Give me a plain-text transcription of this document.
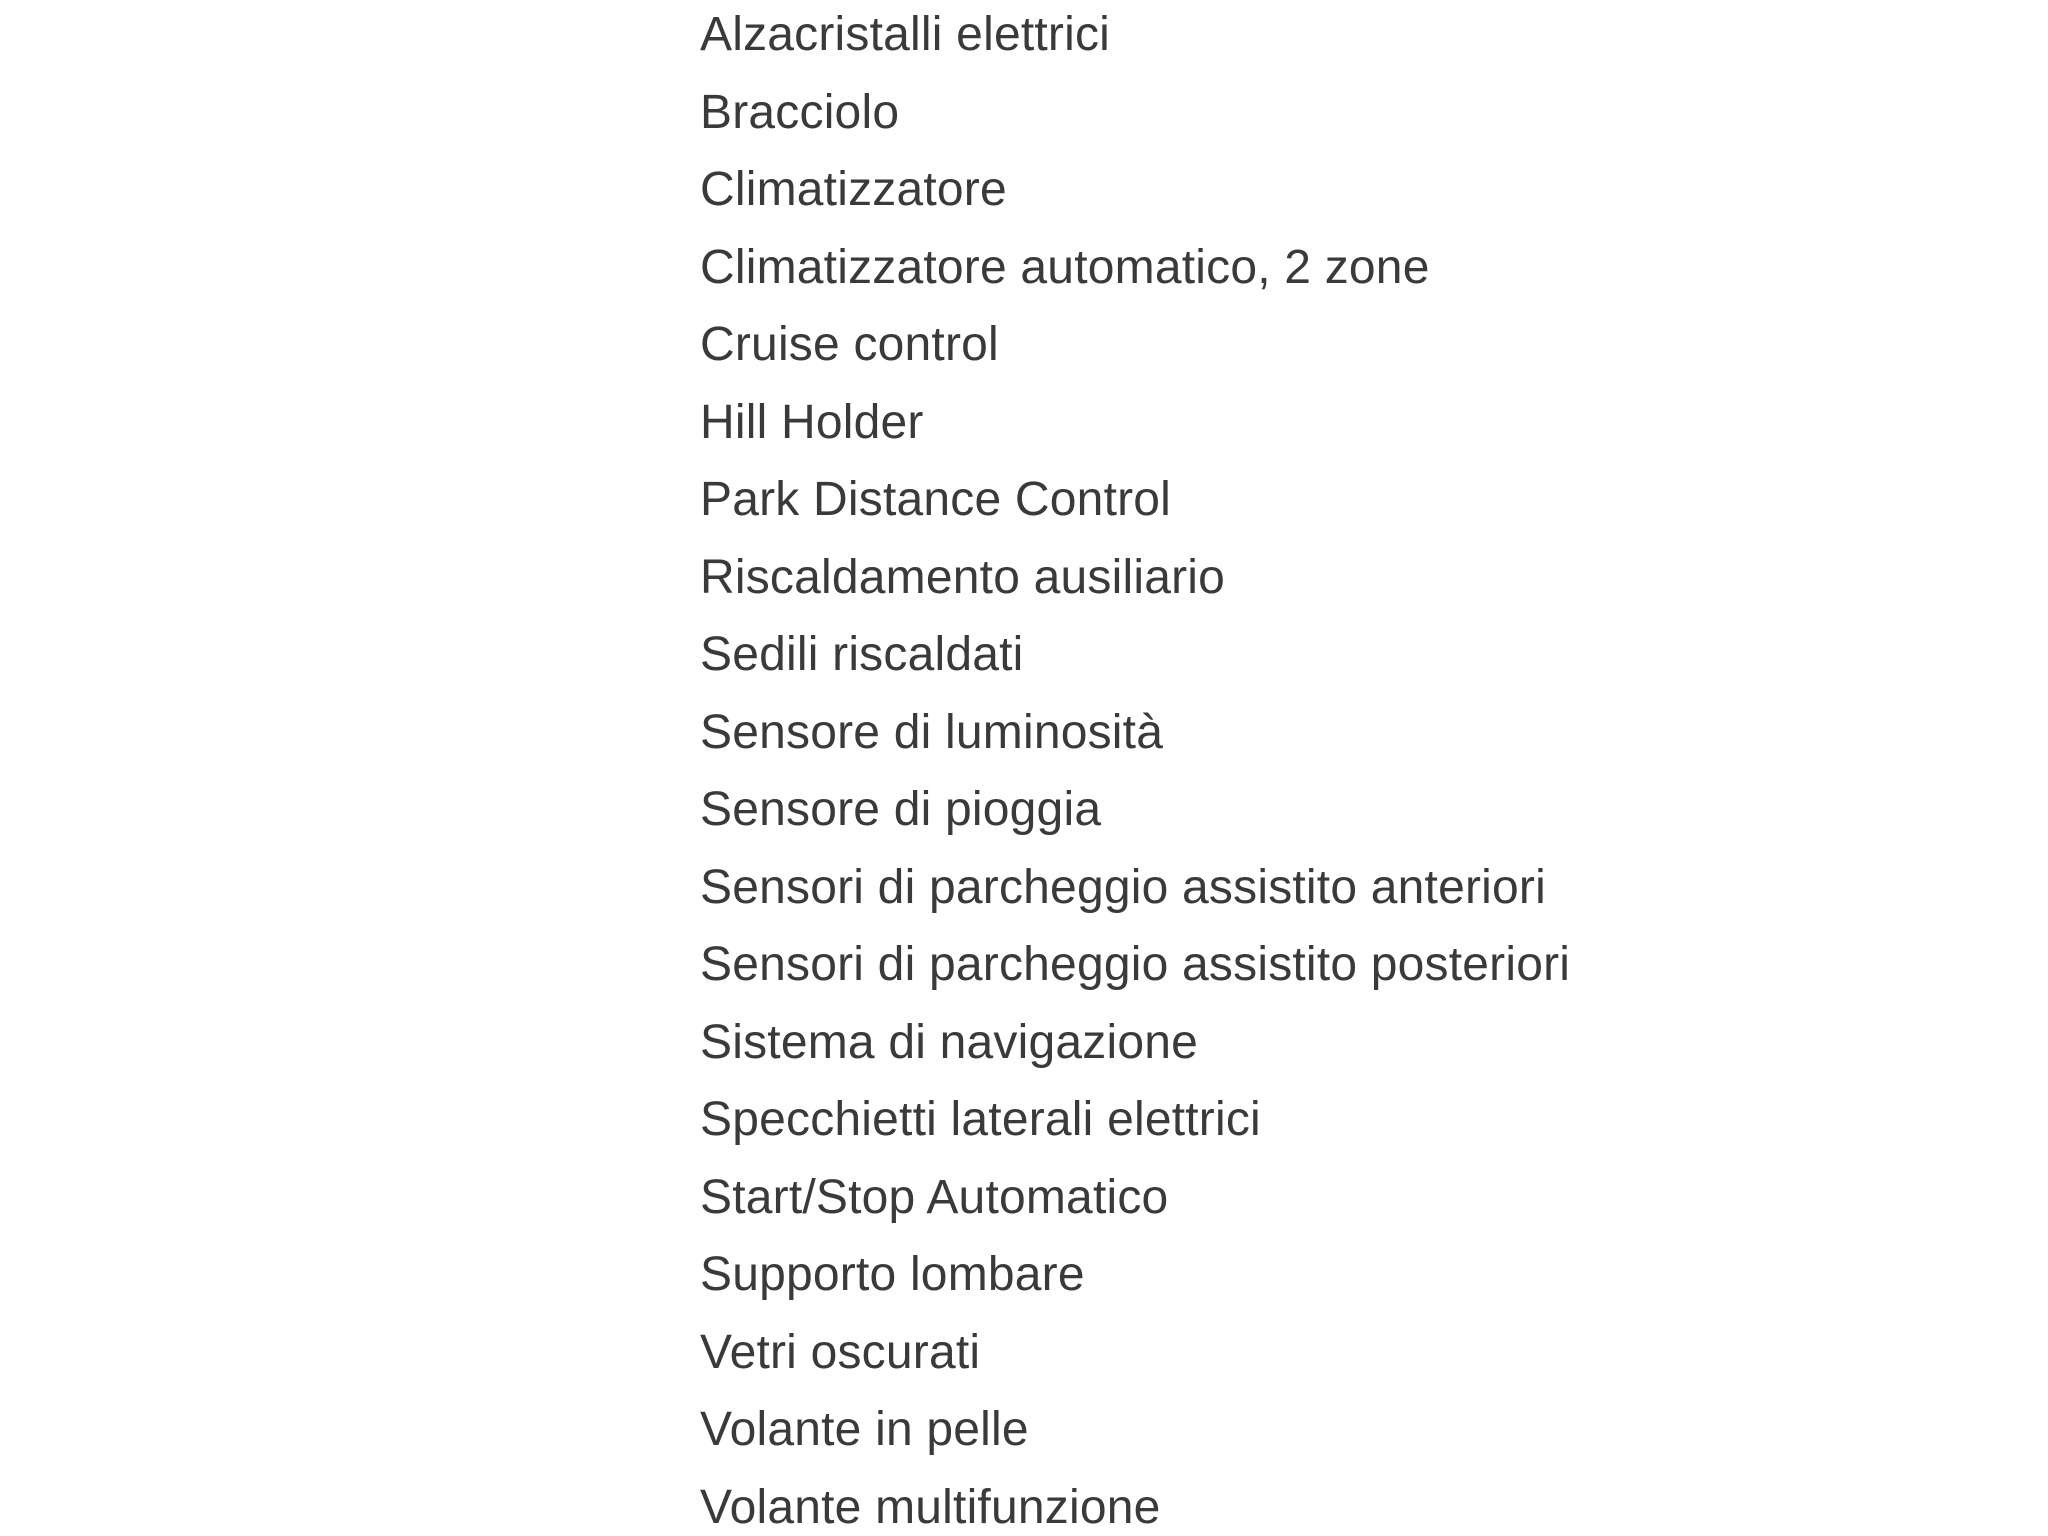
Alzacristalli elettrici
Bracciolo
Climatizzatore
Climatizzatore automatico, 2 zone
Cruise control
Hill Holder
Park Distance Control
Riscaldamento ausiliario
Sedili riscaldati
Sensore di luminosità
Sensore di pioggia
Sensori di parcheggio assistito anteriori
Sensori di parcheggio assistito posteriori
Sistema di navigazione
Specchietti laterali elettrici
Start/Stop Automatico
Supporto lombare
Vetri oscurati
Volante in pelle
Volante multifunzione
